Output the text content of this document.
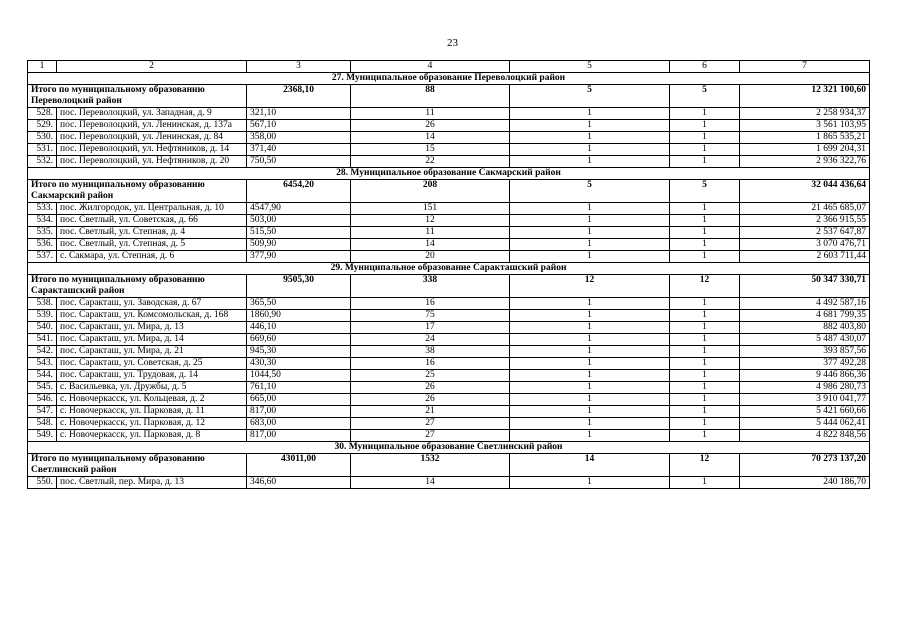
23
1	2	3	4	5	6	7
27. Муниципальное образование Переволоцкий район						
Итого по муниципальному образованию Переволоцкий район		2368,10	88	5	5	12 321 100,60
528.	пос. Переволоцкий, ул. Западная, д. 9	321,10	11	1	1	2 258 934,37
529.	пос. Переволоцкий, ул. Ленинская, д. 137а	567,10	26	1	1	3 561 103,95
530.	пос. Переволоцкий, ул. Ленинская, д. 84	358,00	14	1	1	1 865 535,21
531.	пос. Переволоцкий, ул. Нефтяников, д. 14	371,40	15	1	1	1 699 204,31
532.	пос. Переволоцкий, ул. Нефтяников, д. 20	750,50	22	1	1	2 936 322,76
28. Муниципальное образование Сакмарский район						
Итого по муниципальному образованию Сакмарский район		6454,20	208	5	5	32 044 436,64
533.	пос. Жилгородок, ул. Центральная, д. 10	4547,90	151	1	1	21 465 685,07
534.	пос. Светлый, ул. Советская, д. 66	503,00	12	1	1	2 366 915,55
535.	пос. Светлый, ул. Степная, д. 4	515,50	11	1	1	2 537 647,87
536.	пос. Светлый, ул. Степная, д. 5	509,90	14	1	1	3 070 476,71
537.	с. Сакмара, ул. Степная, д. 6	377,90	20	1	1	2 603 711,44
29. Муниципальное образование Саракташский район						
Итого по муниципальному образованию Саракташский район		9505,30	338	12	12	50 347 330,71
538.	пос. Саракташ, ул. Заводская, д. 67	365,50	16	1	1	4 492 587,16
539.	пос. Саракташ, ул. Комсомольская, д. 168	1860,90	75	1	1	4 681 799,35
540.	пос. Саракташ, ул. Мира, д. 13	446,10	17	1	1	882 403,80
541.	пос. Саракташ, ул. Мира, д. 14	669,60	24	1	1	5 487 430,07
542.	пос. Саракташ, ул. Мира, д. 21	945,30	38	1	1	393 857,56
543.	пос. Саракташ, ул. Советская, д. 25	430,30	16	1	1	377 492,28
544.	пос. Саракташ, ул. Трудовая, д. 14	1044,50	25	1	1	9 446 866,36
545.	с. Васильевка, ул. Дружбы, д. 5	761,10	26	1	1	4 986 280,73
546.	с. Новочеркасск, ул. Кольцевая, д. 2	665,00	26	1	1	3 910 041,77
547.	с. Новочеркасск, ул. Парковая, д. 11	817,00	21	1	1	5 421 660,66
548.	с. Новочеркасск, ул. Парковая, д. 12	683,00	27	1	1	5 444 062,41
549.	с. Новочеркасск, ул. Парковая, д. 8	817,00	27	1	1	4 822 848,56
30. Муниципальное образование Светлинский район						
Итого по муниципальному образованию Светлинский район		43011,00	1532	14	12	70 273 137,20
550.	пос. Светлый, пер. Мира, д. 13	346,60	14	1	1	240 186,70
